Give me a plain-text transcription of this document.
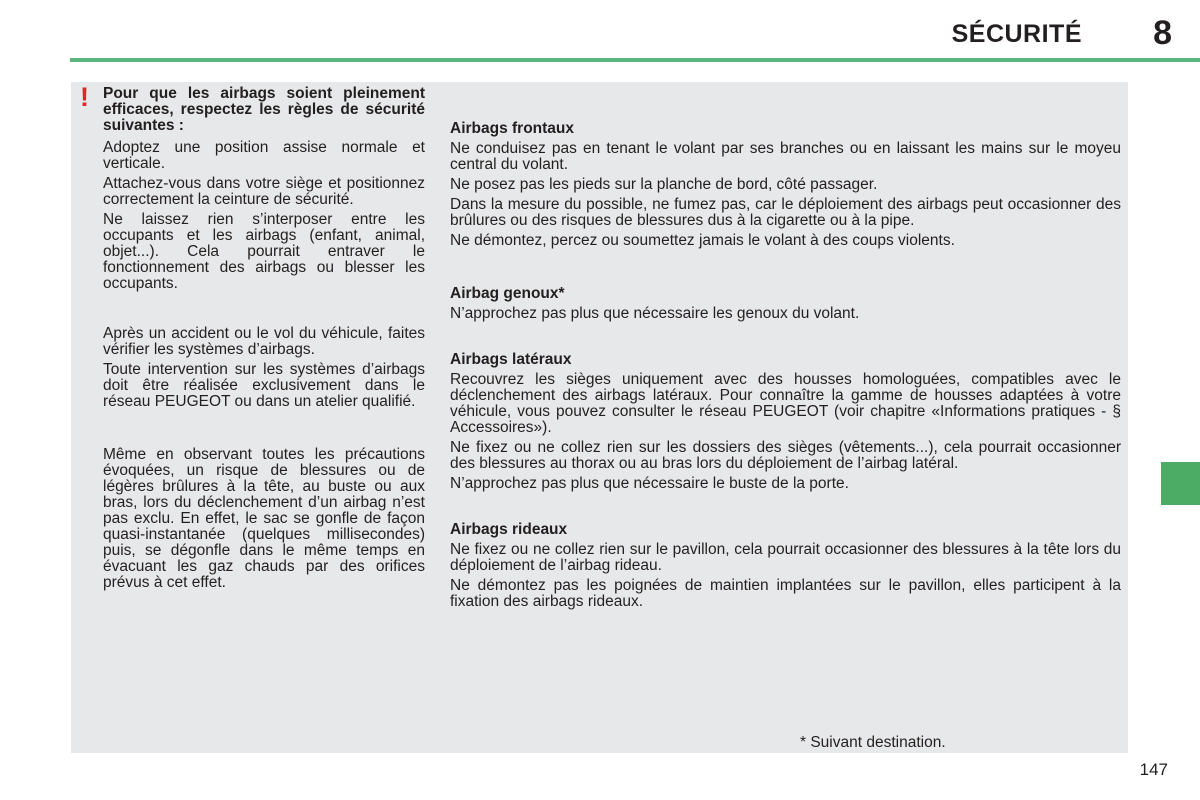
SÉCURITÉ 8
! Pour que les airbags soient pleinement efficaces, respectez les règles de sécurité suivantes :

Adoptez une position assise normale et verticale.

Attachez-vous dans votre siège et positionnez correctement la ceinture de sécurité.

Ne laissez rien s’interposer entre les occupants et les airbags (enfant, animal, objet...). Cela pourrait entraver le fonctionnement des airbags ou blesser les occupants.

Après un accident ou le vol du véhicule, faites vérifier les systèmes d’airbags.

Toute intervention sur les systèmes d’airbags doit être réalisée exclusivement dans le réseau PEUGEOT ou dans un atelier qualifié.

Même en observant toutes les précautions évoquées, un risque de blessures ou de légères brûlures à la tête, au buste ou aux bras, lors du déclenchement d’un airbag n’est pas exclu. En effet, le sac se gonfle de façon quasi-instantanée (quelques millisecondes) puis, se dégonfle dans le même temps en évacuant les gaz chauds par des orifices prévus à cet effet.

Airbags frontaux

Ne conduisez pas en tenant le volant par ses branches ou en laissant les mains sur le moyeu central du volant.

Ne posez pas les pieds sur la planche de bord, côté passager.

Dans la mesure du possible, ne fumez pas, car le déploiement des airbags peut occasionner des brûlures ou des risques de blessures dus à la cigarette ou à la pipe.

Ne démontez, percez ou soumettez jamais le volant à des coups violents.

Airbag genoux*

N’approchez pas plus que nécessaire les genoux du volant.

Airbags latéraux

Recouvrez les sièges uniquement avec des housses homologuées, compatibles avec le déclenchement des airbags latéraux. Pour connaître la gamme de housses adaptées à votre véhicule, vous pouvez consulter le réseau PEUGEOT (voir chapitre «Informations pratiques - § Accessoires»).

Ne fixez ou ne collez rien sur les dossiers des sièges (vêtements...), cela pourrait occasionner des blessures au thorax ou au bras lors du déploiement de l’airbag latéral.

N’approchez pas plus que nécessaire le buste de la porte.

Airbags rideaux

Ne fixez ou ne collez rien sur le pavillon, cela pourrait occasionner des blessures à la tête lors du déploiement de l’airbag rideau.

Ne démontez pas les poignées de maintien implantées sur le pavillon, elles participent à la fixation des airbags rideaux.

* Suivant destination.
147
